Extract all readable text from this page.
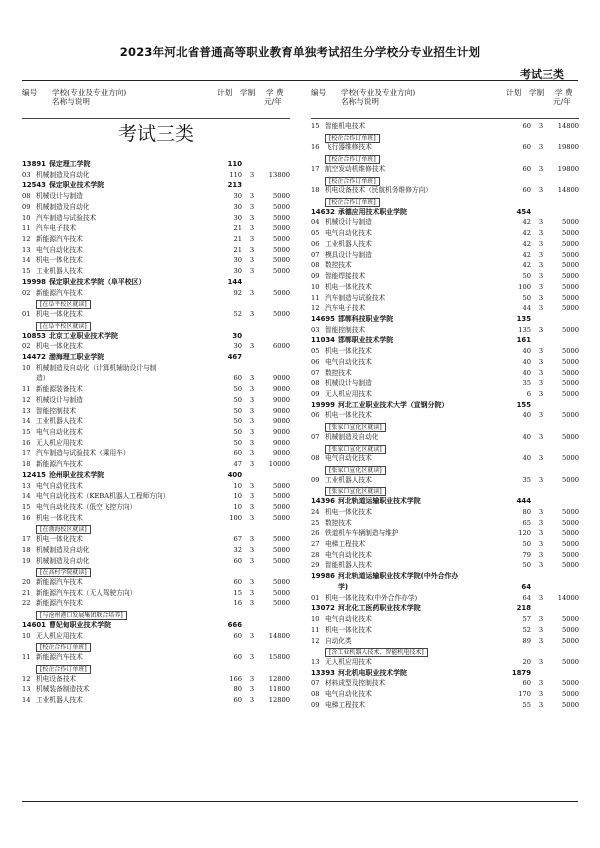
2023年河北省普通高等职业教育单独考试招生分学校分专业招生计划
考试三类
编号 学校(专业及专业方向)
名称与说明
计划 学制 学 费
元/年
考试三类
13891 保定理工学院	110
03 机械制造及自动化	110	3	13800
12543 保定职业技术学院	213
08 机械设计与制造	30	3	5000
09 机械制造及自动化	30	3	5000
10 汽车制造与试验技术	30	3	5000
11 汽车电子技术	21	3	5000
12 新能源汽车技术	21	3	5000
13 电气自动化技术	21	3	5000
14 机电一体化技术	30	3	5000
15 工业机器人技术	30	3	5000
19998 保定职业技术学院（阜平校区）	144
02 新能源汽车技术	92	3	5000
[ 在阜平校区就读]
01 机电一体化技术	52	3	5000
[ 在阜平校区就读]
10853 北京工业职业技术学院	30
02 机电一体化技术	30	3	6000
14472 渤海理工职业学院	467
10 机械制造及自动化（计算机辅助设计与制
造）	60	3	9000
11 新能源装备技术	50	3	9000
12 机械设计与制造	50	3	9000
13 智能控制技术	50	3	9000
14 工业机器人技术	50	3	9000
15 电气自动化技术	50	3	9000
16 无人机应用技术	50	3	9000
17 汽车制造与试验技术（乘用车）	60	3	9000
18 新能源汽车技术	47	3	10000
12415 沧州职业技术学院	400
13 电气自动化技术	10	3	5000
14 电气自动化技术（KEBA机器人工程师方向）	10	3	5000
15 电气自动化技术（低空飞控方向）	10	3	5000
16 机电一体化技术	100	3	5000
[ 在渤海校区就读]
17 机电一体化技术	67	3	5000
18 机械制造及自动化	32	3	5000
19 机械制造及自动化	60	3	5000
[ 在高村学院就读]
20 新能源汽车技术	60	3	5000
21 新能源汽车技术（无人驾驶方向）	15	3	5000
22 新能源汽车技术	16	3	5000
[ 与沧州港口发展集团联合培养]
14601 曹妃甸职业技术学院	666
10 无人机应用技术	60	3	14800
[ 校企合作订单班]
11 新能源汽车技术	60	3	15800
[ 校企合作订单班]
12 机电设备技术	166	3	12800
13 机械装备制造技术	80	3	11800
14 工业机器人技术	60	3	12800
编号 学校(专业及专业方向)
名称与说明
计划 学制 学 费
元/年
15 智能机电技术	60	3	14800
[ 校企合作订单班]
16 飞行器维修技术	60	3	19800
[ 校企合作订单班]
17 航空发动机维修技术	60	3	19800
[ 校企合作订单班]
18 机电设备技术（民航机务维修方向）	60	3	14800
[ 校企合作订单班]
14632 承德应用技术职业学院	454
04 机械设计与制造	42	3	5000
05 电气自动化技术	42	3	5000
06 工业机器人技术	42	3	5000
07 模具设计与制造	42	3	5000
08 数控技术	42	3	5000
09 智能焊接技术	50	3	5000
10 机电一体化技术	100	3	5000
11 汽车制造与试验技术	50	3	5000
12 汽车电子技术	44	3	5000
14695 邯郸科技职业学院	135
03 智能控制技术	135	3	5000
11034 邯郸职业技术学院	161
05 机电一体化技术	40	3	5000
06 电气自动化技术	40	3	5000
07 数控技术	40	3	5000
08 机械设计与制造	35	3	5000
09 无人机应用技术	6	3	5000
19999 河北工业职业技术大学（宣钢分院）	155
06 机电一体化技术	40	3	5000
[ 张家口宣化区就读]
07 机械制造及自动化	40	3	5000
[ 张家口宣化区就读]
08 电气自动化技术	40	3	5000
[ 张家口宣化区就读]
09 工业机器人技术	35	3	5000
[ 张家口宣化区就读]
14396 河北轨道运输职业技术学院	444
24 机电一体化技术	80	3	5000
25 数控技术	65	3	5000
26 铁道机车车辆制造与维护	120	3	5000
27 电梯工程技术	50	3	5000
28 电气自动化技术	79	3	5000
29 智能机器人技术	50	3	5000
19986 河北轨道运输职业技术学院(中外合作办
学)	64
01 机电一体化技术(中外合作办学)	64	3	14000
13072 河北化工医药职业技术学院	218
10 电气自动化技术	57	3	5000
11 机电一体化技术	52	3	5000
12 自动化类	89	3	5000
[ 含工业机器人技术、智能机电技术]
13 无人机应用技术	20	3	5000
13393 河北机电职业技术学院	1879
07 材料成型及控制技术	60	3	5000
08 电气自动化技术	170	3	5000
09 电梯工程技术	55	3	5000
